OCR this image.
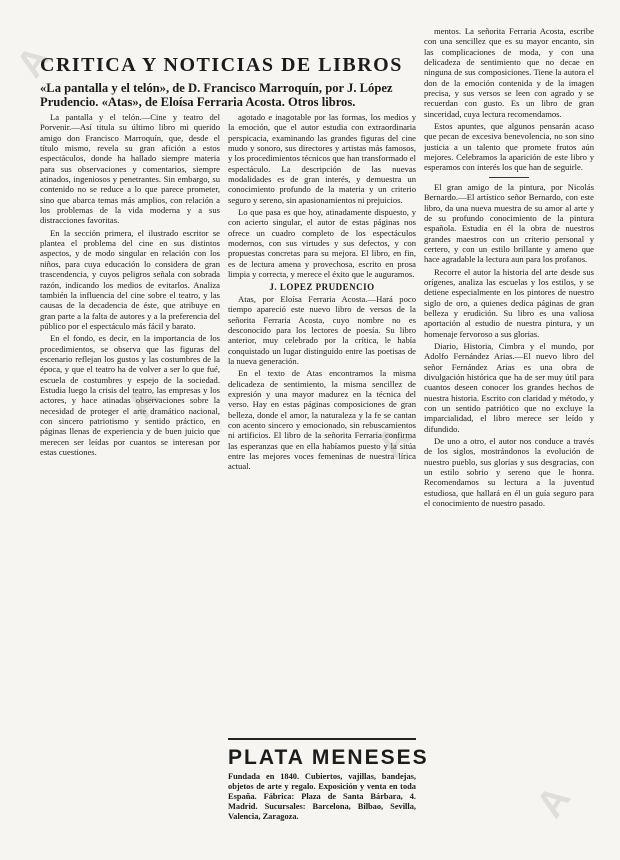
CRITICA Y NOTICIAS DE LIBROS

«La pantalla y el telón», de D. Francisco Marroquín, por J. López Prudencio. «Atas», de Eloísa Ferraria Acosta. Otros libros.

La pantalla y el telón.—Cine y teatro del Porvenir.—Así titula su último libro mi querido amigo don Francisco Marroquín, que, desde el título mismo, revela su gran afición a estos espectáculos, donde ha hallado siempre materia para sus observaciones y comentarios, siempre atinados, ingeniosos y penetrantes. Sin embargo, su contenido no se reduce a lo que parece prometer, sino que abarca temas más amplios, con relación a los problemas de la vida moderna y a sus distracciones favoritas.

En la sección primera, el ilustrado escritor se plantea el problema del cine en sus distintos aspectos, y de modo singular en relación con los niños, para cuya educación lo considera de gran trascendencia, y cuyos peligros señala con sobrada razón, indicando los medios de evitarlos. Analiza también la influencia del cine sobre el teatro, y las causas de la decadencia de éste, que atribuye en gran parte a la falta de autores y a la preferencia del público por el espectáculo más fácil y barato.

En el fondo, es decir, en la importancia de los procedimientos, se observa que las figuras del escenario reflejan los gustos y las costumbres de la época, y que el teatro ha de volver a ser lo que fué, escuela de costumbres y espejo de la sociedad. Estudia luego la crisis del teatro, las empresas y los actores, y hace atinadas observaciones sobre la necesidad de proteger el arte dramático nacional, con sincero patriotismo y sentido práctico, en páginas llenas de experiencia y de buen juicio que merecen ser leídas por cuantos se interesan por estas cuestiones.

agotado e inagotable por las formas, los medios y la emoción, que el autor estudia con extraordinaria perspicacia, examinando las grandes figuras del cine mudo y sonoro, sus directores y artistas más famosos, y los procedimientos técnicos que han transformado el espectáculo. La descripción de las nuevas modalidades es de gran interés, y demuestra un conocimiento profundo de la materia y un criterio seguro y sereno, sin apasionamientos ni prejuicios.

Lo que pasa es que hoy, atinadamente dispuesto, y con acierto singular, el autor de estas páginas nos ofrece un cuadro completo de los espectáculos modernos, con sus virtudes y sus defectos, y con propuestas concretas para su mejora. El libro, en fin, es de lectura amena y provechosa, escrito en prosa limpia y correcta, y merece el éxito que le auguramos.

J. LOPEZ PRUDENCIO

Atas, por Eloísa Ferraria Acosta.—Hará poco tiempo apareció este nuevo libro de versos de la señorita Ferraria Acosta, cuyo nombre no es desconocido para los lectores de poesía. Su libro anterior, muy celebrado por la crítica, le había conquistado un lugar distinguido entre las poetisas de la nueva generación.

En el texto de Atas encontramos la misma delicadeza de sentimiento, la misma sencillez de expresión y una mayor madurez en la técnica del verso. Hay en estas páginas composiciones de gran belleza, donde el amor, la naturaleza y la fe se cantan con acento sincero y emocionado, sin rebuscamientos ni artificios. El libro de la señorita Ferraria confirma las esperanzas que en ella habíamos puesto y la sitúa entre las mejores voces femeninas de nuestra lírica actual.

PLATA MENESES

Fundada en 1840. Cubiertos, vajillas, bandejas, objetos de arte y regalo. Exposición y venta en toda España. Fábrica: Plaza de Santa Bárbara, 4. Madrid. Sucursales: Barcelona, Bilbao, Sevilla, Valencia, Zaragoza.

mentos. La señorita Ferraria Acosta, escribe con una sencillez que es su mayor encanto, sin las complicaciones de moda, y con una delicadeza de sentimiento que no decae en ninguna de sus composiciones. Tiene la autora el don de la emoción contenida y de la imagen precisa, y sus versos se leen con agrado y se recuerdan con gusto. Es un libro de gran sinceridad, cuya lectura recomendamos.

Estos apuntes, que algunos pensarán acaso que pecan de excesiva benevolencia, no son sino justicia a un talento que promete frutos aún mejores. Celebramos la aparición de este libro y esperamos con interés los que han de seguirle.

El gran amigo de la pintura, por Nicolás Bernardo.—El artístico señor Bernardo, con este libro, da una nueva muestra de su amor al arte y de su profundo conocimiento de la pintura española. Estudia en él la obra de nuestros grandes maestros con un criterio personal y certero, y con un estilo brillante y ameno que hace agradable la lectura aun para los profanos.

Recorre el autor la historia del arte desde sus orígenes, analiza las escuelas y los estilos, y se detiene especialmente en los pintores de nuestro siglo de oro, a quienes dedica páginas de gran belleza y erudición. Su libro es una valiosa aportación al estudio de nuestra pintura, y un homenaje fervoroso a sus glorias.

Diario, Historia, Cimbra y el mundo, por Adolfo Fernández Arias.—El nuevo libro del señor Fernández Arias es una obra de divulgación histórica que ha de ser muy útil para cuantos deseen conocer los grandes hechos de nuestra historia. Escrito con claridad y método, y con un sentido patriótico que no excluye la imparcialidad, el libro merece ser leído y difundido.

De uno a otro, el autor nos conduce a través de los siglos, mostrándonos la evolución de nuestro pueblo, sus glorias y sus desgracias, con un estilo sobrio y sereno que le honra. Recomendamos su lectura a la juventud estudiosa, que hallará en él un guía seguro para el conocimiento de nuestro pasado.

A
A
A
A
